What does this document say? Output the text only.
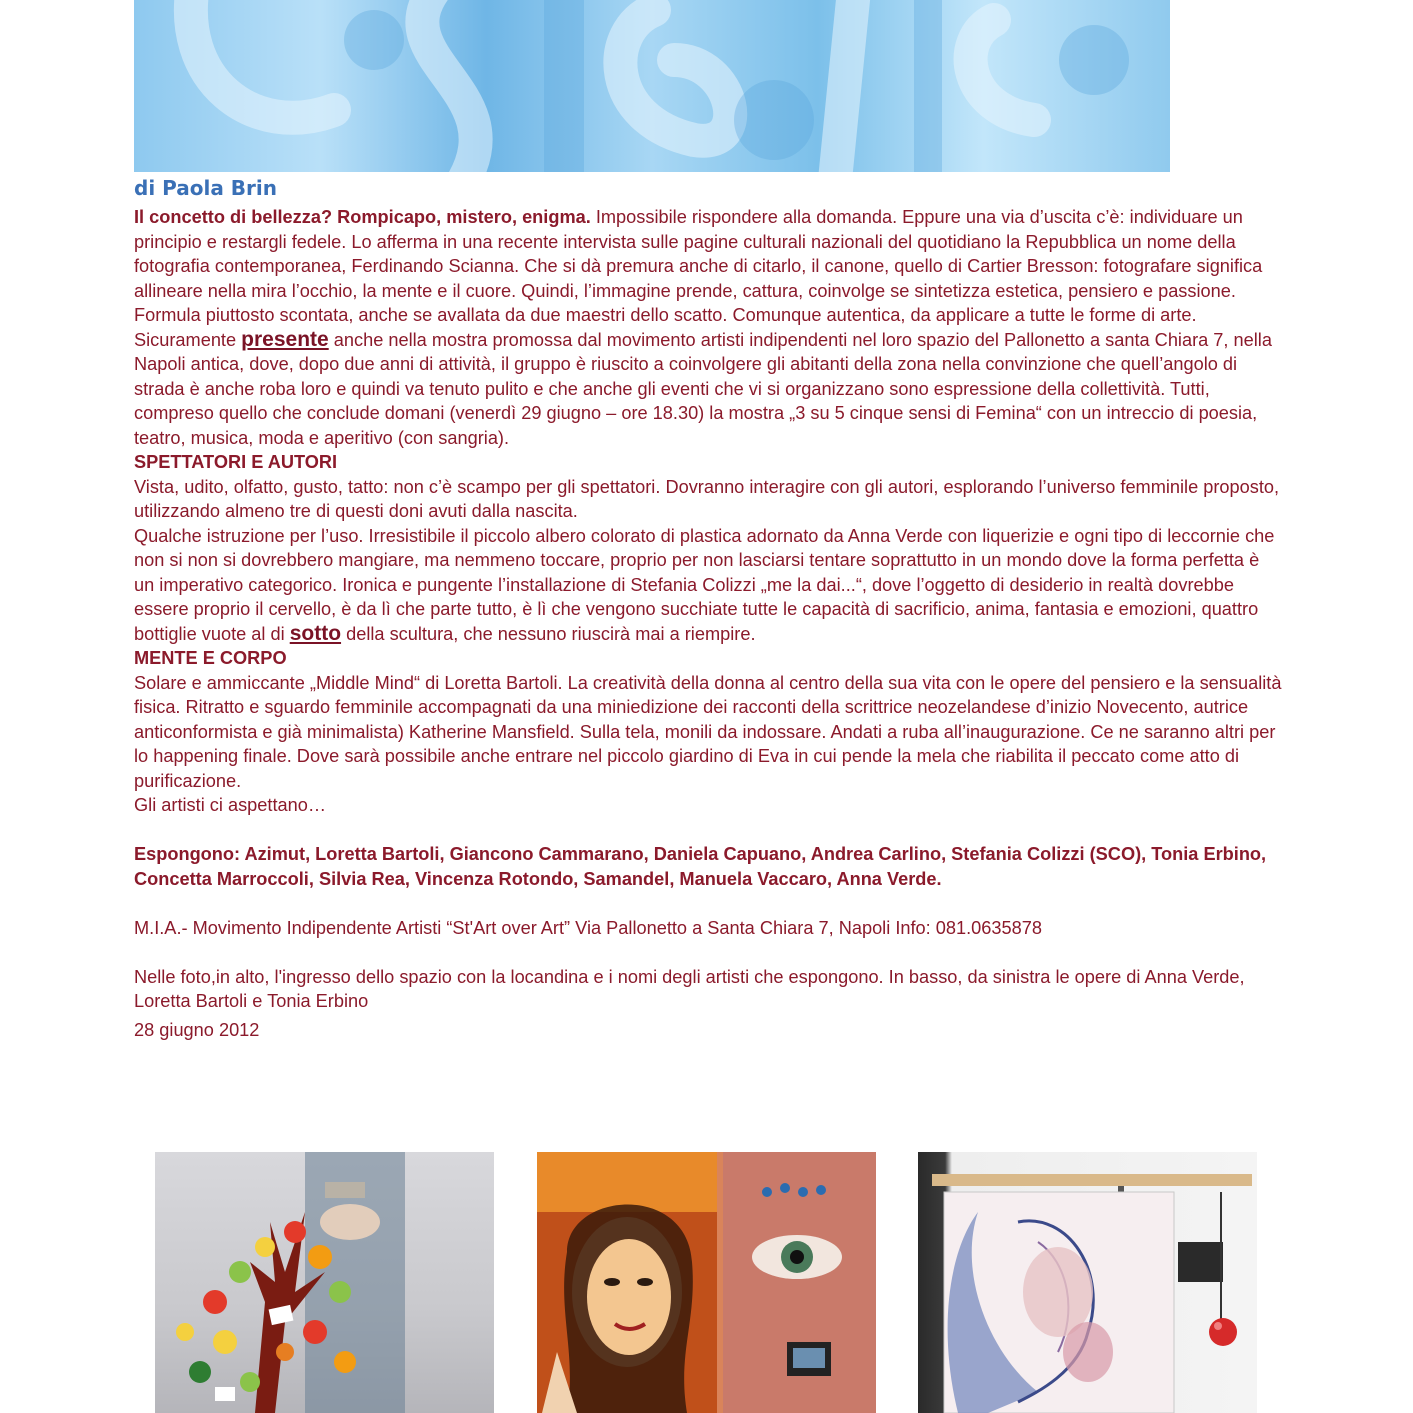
di Paola Brin

Il concetto di bellezza? Rompicapo, mistero, enigma. Impossibile rispondere alla domanda. Eppure una via d’uscita c’è: individuare un principio e restargli fedele. Lo afferma in una recente intervista sulle pagine culturali nazionali del quotidiano la Repubblica un nome della fotografia contemporanea, Ferdinando Scianna. Che si dà premura anche di citarlo, il canone, quello di Cartier Bresson: fotografare significa allineare nella mira l’occhio, la mente e il cuore. Quindi, l’immagine prende, cattura, coinvolge se sintetizza estetica, pensiero e passione. Formula piuttosto scontata, anche se avallata da due maestri dello scatto. Comunque autentica, da applicare a tutte le forme di arte.

Sicuramente presente anche nella mostra promossa dal movimento artisti indipendenti nel loro spazio del Pallonetto a santa Chiara 7, nella Napoli antica, dove, dopo due anni di attività, il gruppo è riuscito a coinvolgere gli abitanti della zona nella convinzione che quell’angolo di strada è anche roba loro e quindi va tenuto pulito e che anche gli eventi che vi si organizzano sono espressione della collettività. Tutti, compreso quello che conclude domani (venerdì 29 giugno – ore 18.30) la mostra „3 su 5 cinque sensi di Femina“ con un intreccio di poesia, teatro, musica, moda e aperitivo (con sangria).

SPETTATORI E AUTORI

Vista, udito, olfatto, gusto, tatto: non c’è scampo per gli spettatori. Dovranno interagire con gli autori, esplorando l’universo femminile proposto, utilizzando almeno tre di questi doni avuti dalla nascita.

Qualche istruzione per l’uso. Irresistibile il piccolo albero colorato di plastica adornato da Anna Verde con liquerizie e ogni tipo di leccornie che non si non si dovrebbero mangiare, ma nemmeno toccare, proprio per non lasciarsi tentare soprattutto in un mondo dove la forma perfetta è un imperativo categorico. Ironica e pungente l’installazione di Stefania Colizzi „me la dai...“, dove l’oggetto di desiderio in realtà dovrebbe essere proprio il cervello, è da lì che parte tutto, è lì che vengono succhiate tutte le capacità di sacrificio, anima, fantasia e emozioni, quattro bottiglie vuote al di sotto della scultura, che nessuno riuscirà mai a riempire.

MENTE E CORPO

Solare e ammiccante „Middle Mind“ di Loretta Bartoli. La creatività della donna al centro della sua vita con le opere del pensiero e la sensualità fisica. Ritratto e sguardo femminile accompagnati da una miniedizione dei racconti della scrittrice neozelandese d’inizio Novecento, autrice anticonformista e già minimalista) Katherine Mansfield. Sulla tela, monili da indossare. Andati a ruba all’inaugurazione. Ce ne saranno altri per lo happening finale. Dove sarà possibile anche entrare nel piccolo giardino di Eva in cui pende la mela che riabilita il peccato come atto di purificazione.

Gli artisti ci aspettano…

Espongono: Azimut, Loretta Bartoli, Giancono Cammarano, Daniela Capuano, Andrea Carlino, Stefania Colizzi (SCO), Tonia Erbino, Concetta Marroccoli, Silvia Rea, Vincenza Rotondo, Samandel, Manuela Vaccaro, Anna Verde.

M.I.A.- Movimento Indipendente Artisti “St'Art over Art” Via Pallonetto a Santa Chiara 7, Napoli Info: 081.0635878

Nelle foto,in alto, l'ingresso dello spazio con la locandina e i nomi degli artisti che espongono. In basso, da sinistra le opere di Anna Verde, Loretta Bartoli e Tonia Erbino

28 giugno 2012
